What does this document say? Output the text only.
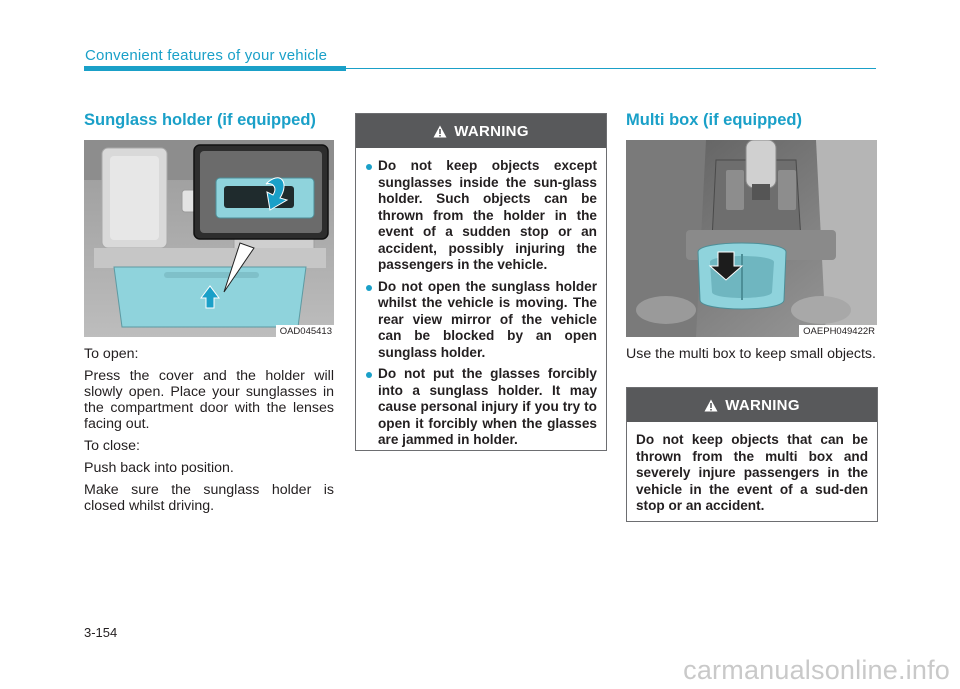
Convenient features of your vehicle
Sunglass holder (if equipped)
OAD045413

To open:

Press the cover and the holder will slowly open. Place your sunglasses in the compartment door with the lenses facing out.

To close:

Push back into position.

Make sure the sunglass holder is closed whilst driving.

WARNING
Do not keep objects except sunglasses inside the sun-glass holder. Such objects can be thrown from the holder in the event of a sudden stop or an accident, possibly injuring the passengers in the vehicle.
Do not open the sunglass holder whilst the vehicle is moving. The rear view mirror of the vehicle can be blocked by an open sunglass holder.
Do not put the glasses forcibly into a sunglass holder. It may cause personal injury if you try to open it forcibly when the glasses are jammed in holder.
Multi box (if equipped)
OAEPH049422R

Use the multi box to keep small objects.

WARNING
Do not keep objects that can be thrown from the multi box and severely injure passengers in the vehicle in the event of a sud-den stop or an accident.
3-154
carmanualsonline.info
